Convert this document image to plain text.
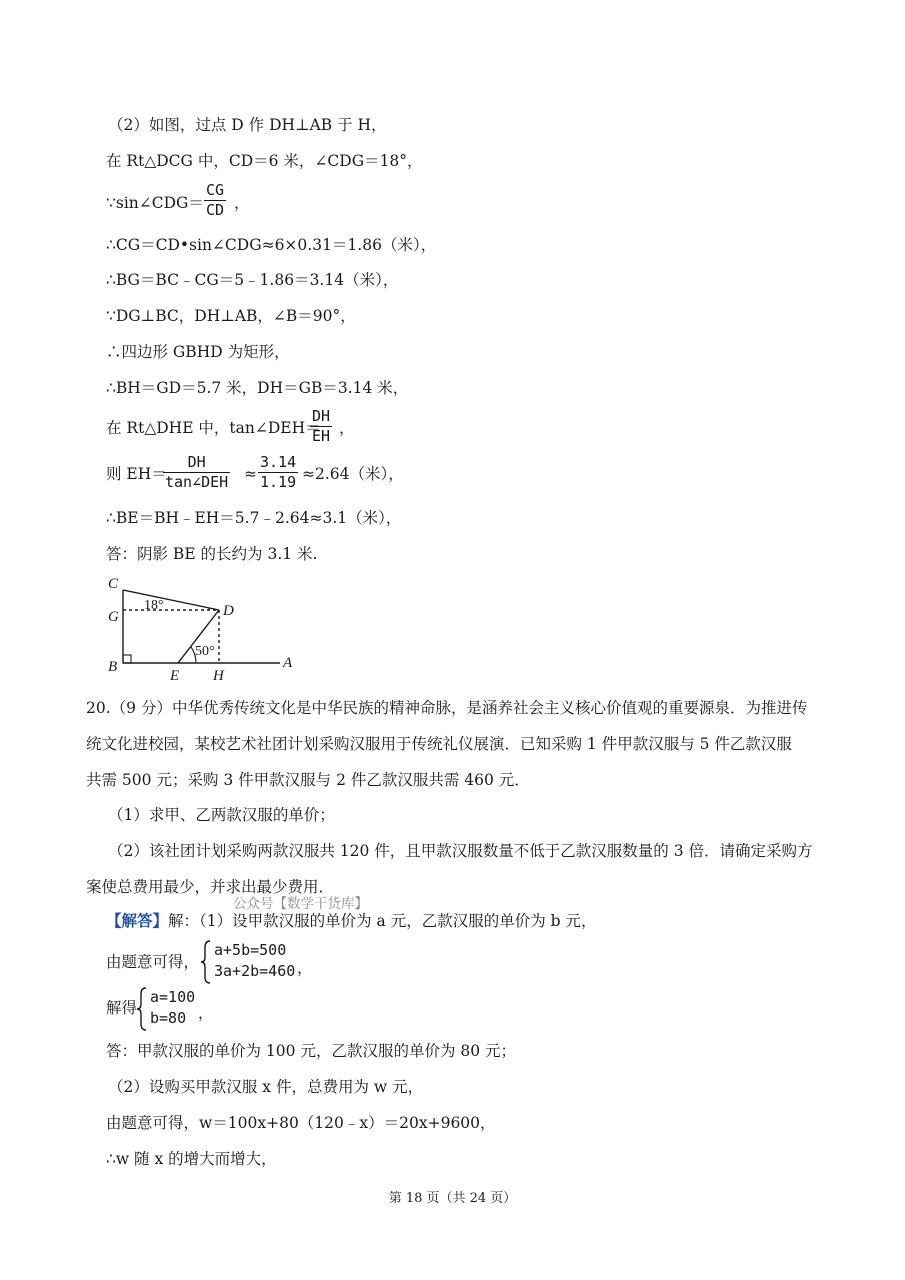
（2）如图，过点 D 作 DH⊥AB 于 H，
在 Rt△DCG 中，CD＝6 米，∠CDG＝18°，
∵sin∠CDG＝ $\frac{CG}{CD}$ ，
∴CG＝CD•sin∠CDG≈6×0.31＝1.86（米），
∴BG＝BC﹣CG＝5﹣1.86＝3.14（米），
∵DG⊥BC，DH⊥AB，∠B＝90°，
∴四边形 GBHD 为矩形，
∴BH＝GD＝5.7 米，DH＝GB＝3.14 米，
在 Rt△DHE 中，tan∠DEH＝
$\frac{DH}{EH}$ ，
则 EH＝
DH
tan∠DEH ≈ $\frac{3.14}{1.19} \approx 2.64$（米），
∴BE＝BH﹣EH＝5.7﹣2.64≈3.1（米），
答：阴影 BE 的长约为 3.1 米.
C
G	D
B
E H
A
18°
50°
20.（9 分）中华优秀传统文化是中华民族的精神命脉，是涵养社会主义核心价值观的重要源泉．为推进传
统文化进校园，某校艺术社团计划采购汉服用于传统礼仪展演．已知采购 1 件甲款汉服与 5 件乙款汉服
共需 500 元；采购 3 件甲款汉服与 2 件乙款汉服共需 460 元．
（1）求甲、乙两款汉服的单价；
（2）该社团计划采购两款汉服共 120 件，且甲款汉服数量不低于乙款汉服数量的 3 倍．请确定采购方
案使总费用最少，并求出最少费用．
公众号【数学干货库】
【解答】解：（1）设甲款汉服的单价为 a 元，乙款汉服的单价为 b 元，
由题意可得，
a+5b=500
3a+2b=460 ，
解得
a=100
b=80 ，
答：甲款汉服的单价为 100 元，乙款汉服的单价为 80 元；
（2）设购买甲款汉服 x 件，总费用为 w 元，
由题意可得，w＝100x+80（120﹣x）＝20x+9600，
∴w 随 x 的增大而增大，
第 18 页（共 24 页）
